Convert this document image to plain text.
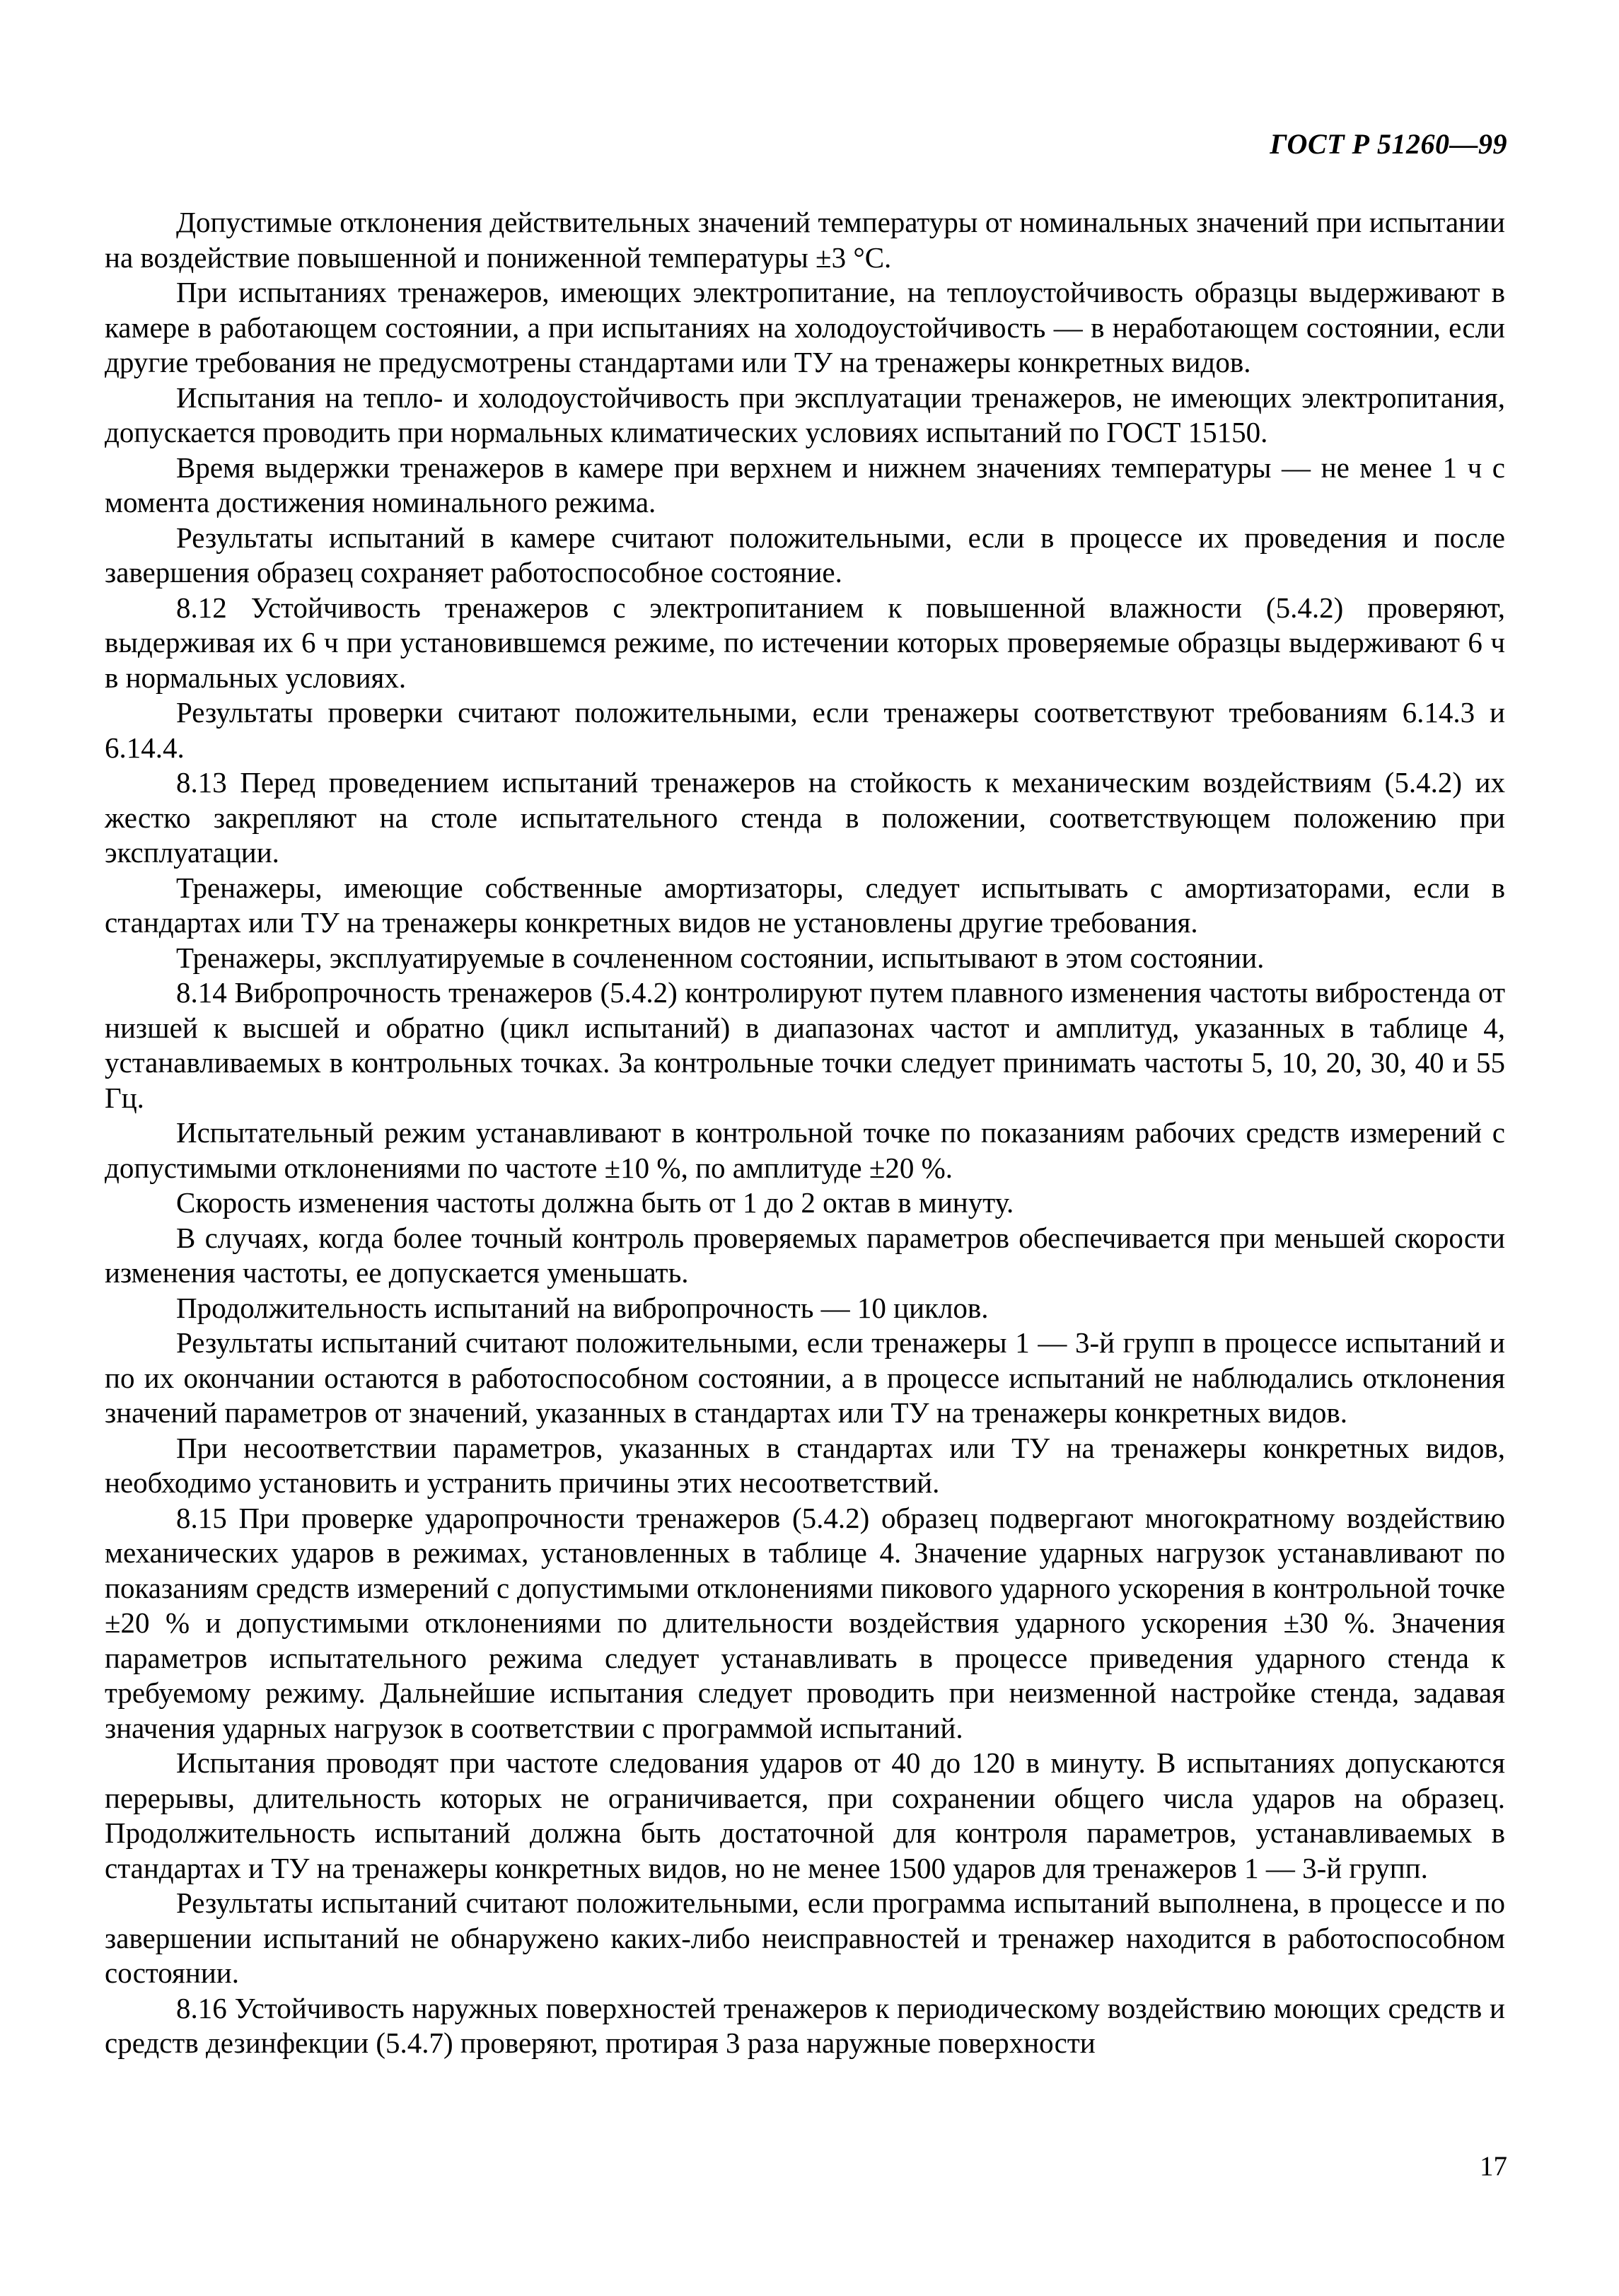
ГОСТ Р 51260—99

Допустимые отклонения действительных значений температуры от номинальных значений при испытании на воздействие повышенной и пониженной температуры ±3 °С.

При испытаниях тренажеров, имеющих электропитание, на теплоустойчивость образцы выдерживают в камере в работающем состоянии, а при испытаниях на холодоустойчивость — в неработающем состоянии, если другие требования не предусмотрены стандартами или ТУ на тренажеры конкретных видов.

Испытания на тепло- и холодоустойчивость при эксплуатации тренажеров, не имеющих электропитания, допускается проводить при нормальных климатических условиях испытаний по ГОСТ 15150.

Время выдержки тренажеров в камере при верхнем и нижнем значениях температуры — не менее 1 ч с момента достижения номинального режима.

Результаты испытаний в камере считают положительными, если в процессе их проведения и после завершения образец сохраняет работоспособное состояние.

8.12 Устойчивость тренажеров с электропитанием к повышенной влажности (5.4.2) проверяют, выдерживая их 6 ч при установившемся режиме, по истечении которых проверяемые образцы выдерживают 6 ч в нормальных условиях.

Результаты проверки считают положительными, если тренажеры соответствуют требованиям 6.14.3 и 6.14.4.

8.13 Перед проведением испытаний тренажеров на стойкость к механическим воздействиям (5.4.2) их жестко закрепляют на столе испытательного стенда в положении, соответствующем положению при эксплуатации.

Тренажеры, имеющие собственные амортизаторы, следует испытывать с амортизаторами, если в стандартах или ТУ на тренажеры конкретных видов не установлены другие требования.

Тренажеры, эксплуатируемые в сочлененном состоянии, испытывают в этом состоянии.

8.14 Вибропрочность тренажеров (5.4.2) контролируют путем плавного изменения частоты вибростенда от низшей к высшей и обратно (цикл испытаний) в диапазонах частот и амплитуд, указанных в таблице 4, устанавливаемых в контрольных точках. За контрольные точки следует принимать частоты 5, 10, 20, 30, 40 и 55 Гц.

Испытательный режим устанавливают в контрольной точке по показаниям рабочих средств измерений с допустимыми отклонениями по частоте ±10 %, по амплитуде ±20 %.

Скорость изменения частоты должна быть от 1 до 2 октав в минуту.

В случаях, когда более точный контроль проверяемых параметров обеспечивается при меньшей скорости изменения частоты, ее допускается уменьшать.

Продолжительность испытаний на вибропрочность — 10 циклов.

Результаты испытаний считают положительными, если тренажеры 1 — 3-й групп в процессе испытаний и по их окончании остаются в работоспособном состоянии, а в процессе испытаний не наблюдались отклонения значений параметров от значений, указанных в стандартах или ТУ на тренажеры конкретных видов.

При несоответствии параметров, указанных в стандартах или ТУ на тренажеры конкретных видов, необходимо установить и устранить причины этих несоответствий.

8.15 При проверке ударопрочности тренажеров (5.4.2) образец подвергают многократному воздействию механических ударов в режимах, установленных в таблице 4. Значение ударных нагрузок устанавливают по показаниям средств измерений с допустимыми отклонениями пикового ударного ускорения в контрольной точке ±20 % и допустимыми отклонениями по длительности воздействия ударного ускорения ±30 %. Значения параметров испытательного режима следует устанавливать в процессе приведения ударного стенда к требуемому режиму. Дальнейшие испытания следует проводить при неизменной настройке стенда, задавая значения ударных нагрузок в соответствии с программой испытаний.

Испытания проводят при частоте следования ударов от 40 до 120 в минуту. В испытаниях допускаются перерывы, длительность которых не ограничивается, при сохранении общего числа ударов на образец. Продолжительность испытаний должна быть достаточной для контроля параметров, устанавливаемых в стандартах и ТУ на тренажеры конкретных видов, но не менее 1500 ударов для тренажеров 1 — 3-й групп.

Результаты испытаний считают положительными, если программа испытаний выполнена, в процессе и по завершении испытаний не обнаружено каких-либо неисправностей и тренажер находится в работоспособном состоянии.

8.16 Устойчивость наружных поверхностей тренажеров к периодическому воздействию моющих средств и средств дезинфекции (5.4.7) проверяют, протирая 3 раза наружные поверхности

17
